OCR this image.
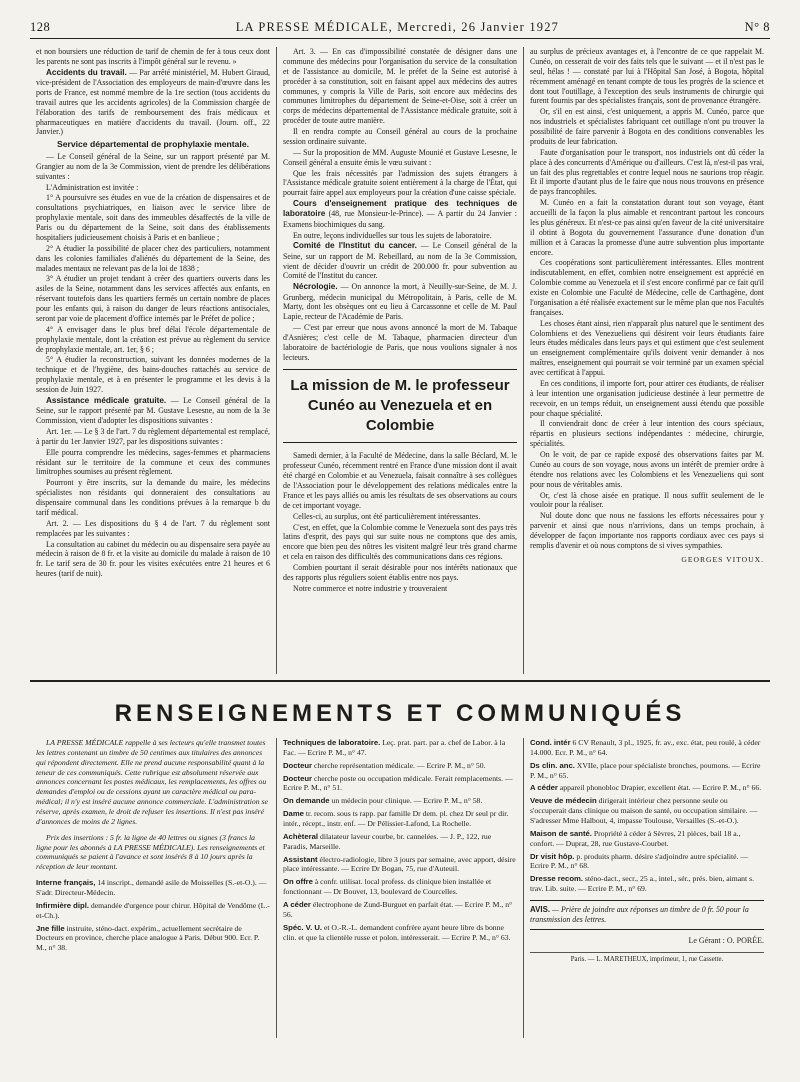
128	LA PRESSE MÉDICALE, Mercredi, 26 Janvier 1927	N° 8

et non boursiers une réduction de tarif de chemin de fer à tous ceux dont les parents ne sont pas inscrits à l'impôt général sur le revenu. »

Accidents du travail. — Par arrêté ministériel, M. Hubert Giraud, vice-président de l'Association des employeurs de main-d'œuvre dans les ports de France, est nommé membre de la 1re section (tous accidents du travail autres que les accidents agricoles) de la Commission chargée de l'élaboration des tarifs de remboursement des frais médicaux et pharmaceutiques en matière d'accidents du travail. (Journ. off., 22 Janvier.)

Service départemental de prophylaxie mentale.

— Le Conseil général de la Seine, sur un rapport présenté par M. Grangier au nom de la 3e Commission, vient de prendre les délibérations suivantes :

L'Administration est invitée :

1° A poursuivre ses études en vue de la création de dispensaires et de consultations psychiatriques, en liaison avec le service libre de prophylaxie mentale, soit dans des immeubles désaffectés de la ville de Paris ou du département de la Seine, soit dans des établissements hospitaliers judicieusement choisis à Paris et en banlieue ;

2° A étudier la possibilité de placer chez des particuliers, notamment dans les colonies familiales d'aliénés du département de la Seine, des malades mentaux ne relevant pas de la loi de 1838 ;

3° A étudier un projet tendant à créer des quartiers ouverts dans les asiles de la Seine, notamment dans les services affectés aux enfants, en réservant toutefois dans les quartiers fermés un certain nombre de places pour les enfants qui, à raison du danger de leurs réactions antisociales, seront par voie de placement d'office internés par le Préfet de police ;

4° A envisager dans le plus bref délai l'école départementale de prophylaxie mentale, dont la création est prévue au règlement du service de prophylaxie mentale, art. 1er, § 6 ;

5° A étudier la reconstruction, suivant les données modernes de la technique et de l'hygiène, des bains-douches rattachés au service de prophylaxie mentale, et à en présenter le programme et les devis à la session de Juin 1927.

Assistance médicale gratuite. — Le Conseil général de la Seine, sur le rapport présenté par M. Gustave Lesesne, au nom de la 3e Commission, vient d'adopter les dispositions suivantes :

Art. 1er. — Le § 3 de l'art. 7 du règlement départemental est remplacé, à partir du 1er Janvier 1927, par les dispositions suivantes :

Elle pourra comprendre les médecins, sages-femmes et pharmaciens résidant sur le territoire de la commune et ceux des communes limitrophes soumises au présent règlement.

Pourront y être inscrits, sur la demande du maire, les médecins spécialistes non résidants qui donneraient des consultations au dispensaire communal dans les conditions prévues à la remarque b du tarif médical.

Art. 2. — Les dispositions du § 4 de l'art. 7 du règlement sont remplacées par les suivantes :

La consultation au cabinet du médecin ou au dispensaire sera payée au médecin à raison de 8 fr. et la visite au domicile du malade à raison de 10 fr. Le tarif sera de 30 fr. pour les visites exécutées entre 21 heures et 6 heures (tarif de nuit).

Art. 3. — En cas d'impossibilité constatée de désigner dans une commune des médecins pour l'organisation du service de la consultation et de l'assistance au domicile, M. le préfet de la Seine est autorisé à procéder à sa constitution, soit en faisant appel aux médecins des autres communes, y compris la Ville de Paris, soit encore aux médecins des communes limitrophes du département de Seine-et-Oise, soit à créer un corps de médecins départemental de l'Assistance médicale gratuite, soit à procéder de toute autre manière.

Il en rendra compte au Conseil général au cours de la prochaine session ordinaire suivante.

— Sur la proposition de MM. Auguste Mounié et Gustave Lesesne, le Conseil général a ensuite émis le vœu suivant :

Que les frais nécessités par l'admission des sujets étrangers à l'Assistance médicale gratuite soient entièrement à la charge de l'État, qui pourrait faire appel aux employeurs pour la création d'une caisse spéciale.

Cours d'enseignement pratique des techniques de laboratoire (48, rue Monsieur-le-Prince). — A partir du 24 Janvier : Examens biochimiques du sang.

En outre, leçons individuelles sur tous les sujets de laboratoire.

Comité de l'Institut du cancer. — Le Conseil général de la Seine, sur un rapport de M. Rebeillard, au nom de la 3e Commission, vient de décider d'ouvrir un crédit de 200.000 fr. pour subvention au Comité de l'Institut du cancer.

Nécrologie. — On annonce la mort, à Neuilly-sur-Seine, de M. J. Grunberg, médecin municipal du Métropolitain, à Paris, celle de M. Marty, dont les obsèques ont eu lieu à Carcassonne et celle de M. Paul Lapie, recteur de l'Académie de Paris.

— C'est par erreur que nous avons annoncé la mort de M. Tabaque d'Asnières; c'est celle de M. Tabaque, pharmacien directeur d'un laboratoire de bactériologie de Paris, que nous voulions signaler à nos lecteurs.

La mission de M. le professeur Cunéo au Venezuela et en Colombie

Samedi dernier, à la Faculté de Médecine, dans la salle Béclard, M. le professeur Cunéo, récemment rentré en France d'une mission dont il avait été chargé en Colombie et au Venezuela, faisait connaître à ses collègues de l'Association pour le développement des relations médicales entre la France et les pays alliés ou amis les résultats de ses observations au cours de cet important voyage.

Celles-ci, au surplus, ont été particulièrement intéressantes.

C'est, en effet, que la Colombie comme le Venezuela sont des pays très latins d'esprit, des pays qui sur suite nous ne comptons que des amis, encore que bien peu des nôtres les visitent malgré leur très grand charme et cela en raison des difficultés des communications dans ces régions.

Combien pourtant il serait désirable pour nos intérêts nationaux que des rapports plus réguliers soient établis entre nos pays.

Notre commerce et notre industrie y trouveraient

au surplus de précieux avantages et, à l'encontre de ce que rappelait M. Cunéo, on cesserait de voir des faits tels que le suivant — et il n'est pas le seul, hélas ! — constaté par lui à l'Hôpital San José, à Bogota, hôpital récemment aménagé en tenant compte de tous les progrès de la science et dont tout l'outillage, à l'exception des seuls instruments de chirurgie qui furent fournis par des spécialistes français, sont de provenance étrangère.

Or, s'il en est ainsi, c'est uniquement, a appris M. Cunéo, parce que nos industriels et spécialistes fabriquant cet outillage n'ont pu trouver la possibilité de faire parvenir à Bogota en des conditions convenables les produits de leur fabrication.

Faute d'organisation pour le transport, nos industriels ont dû céder la place à des concurrents d'Amérique ou d'ailleurs. C'est là, n'est-il pas vrai, un fait des plus regrettables et contre lequel nous ne saurions trop réagir. Et il importe d'autant plus de le faire que nous nous trouvons en présence de pays francophiles.

M. Cunéo en a fait la constatation durant tout son voyage, étant accueilli de la façon la plus aimable et rencontrant partout les concours les plus généreux. Et n'est-ce pas ainsi qu'en faveur de la cité universitaire il obtint à Bogota du gouvernement l'assurance d'une donation d'un million et à Caracas la promesse d'une autre subvention plus importante encore.

Ces coopérations sont particulièrement intéressantes. Elles montrent indiscutablement, en effet, combien notre enseignement est apprécié en Colombie comme au Venezuela et il s'est encore confirmé par ce fait qu'il existe en Colombie une Faculté de Médecine, celle de Carthagène, dont l'organisation a été réalisée exactement sur le même plan que nos Facultés françaises.

Les choses étant ainsi, rien n'apparaît plus naturel que le sentiment des Colombiens et des Venezueliens qui désirent voir leurs étudiants faire leurs études médicales dans leurs pays et qui estiment que c'est seulement un enseignement complémentaire qu'ils doivent venir demander à nos maîtres, enseignement qui pourrait se voir terminé par un examen spécial avec certificat à l'appui.

En ces conditions, il importe fort, pour attirer ces étudiants, de réaliser à leur intention une organisation judicieuse destinée à leur permettre de recevoir, en un temps réduit, un enseignement aussi étendu que possible pour chaque spécialité.

Il conviendrait donc de créer à leur intention des cours spéciaux, répartis en plusieurs sections indépendantes : médecine, chirurgie, spécialités.

On le voit, de par ce rapide exposé des observations faites par M. Cunéo au cours de son voyage, nous avons un intérêt de premier ordre à étendre nos relations avec les Colombiens et les Venezueliens qui sont pour nous de véritables amis.

Or, c'est là chose aisée en pratique. Il nous suffit seulement de le vouloir pour la réaliser.

Nul doute donc que nous ne fassions les efforts nécessaires pour y parvenir et ainsi que nous n'arrivions, dans un temps prochain, à développer de façon importante nos rapports cordiaux avec ces pays si remplis d'avenir et où nous comptons de si vives sympathies.

GEORGES VITOUX.
RENSEIGNEMENTS ET COMMUNIQUÉS

LA PRESSE MÉDICALE rappelle à ses lecteurs qu'elle transmet toutes les lettres contenant un timbre de 50 centimes aux titulaires des annonces qui répondent directement. Elle ne prend aucune responsabilité quant à la teneur de ces communiqués. Cette rubrique est absolument réservée aux annonces concernant les postes médicaux, les remplacements, les offres ou demandes d'emploi ou de cessions ayant un caractère médical ou para-médical; il n'y est inséré aucune annonce commerciale. L'administration se réserve, après examen, le droit de refuser les insertions. Il n'est pas inséré d'annonces de moins de 2 lignes.

Prix des insertions : 5 fr. la ligne de 40 lettres ou signes (3 francs la ligne pour les abonnés à LA PRESSE MÉDICALE). Les renseignements et communiqués se paient à l'avance et sont insérés 8 à 10 jours après la réception de leur montant.

Interne français, 14 inscript., demandé asile de Moisselles (S.-et-O.). — S'adr. Directeur-Médecin.

Infirmière dipl. demandée d'urgence pour chirur. Hôpital de Vendôme (L.-et-Ch.).

Jne fille instruite, sténo-dact. expérim., actuellement secrétaire de Docteurs en province, cherche place analogue à Paris. Début 900. Ecr. P. M., n° 38.

Techniques de laboratoire. Leç. prat. part. par a. chef de Labor. à la Fac. — Ecrire P. M., n° 47.

Docteur cherche représentation médicale. — Ecrire P. M., n° 50.

Docteur cherche poste ou occupation médicale. Ferait remplacements. — Ecrire P. M., n° 51.

On demande un médecin pour clinique. — Ecrire P. M., n° 58.

Dame tr. recom. sous ts rapp. par famille Dr dem. pl. chez Dr seul pr dir. intér., récept., instr. enf. — Dr Pélissier-Lafond, La Rochelle.

Achèteral dilatateur laveur courbe, br. cannelées. — J. P., 122, rue Paradis, Marseille.

Assistant électro-radiologie, libre 3 jours par semaine, avec apport, désire place intéressante. — Ecrire Dr Bogan, 75, rue d'Auteuil.

On offre à confr. utilisat. local profess. ds clinique bien installée et fonctionnant — Dr Bouvet, 13, boulevard de Courcelles.

A céder électrophone de Zund-Burguet en parfait état. — Ecrire P. M., n° 56.

Spéc. V. U. et O.-R.-L. demandent confrère ayant heure libre ds bonne clin. et que la clientèle russe et polon. intéresserait. — Ecrire P. M., n° 63.

Cond. intér 6 CV Renault, 3 pl., 1925, fr. av., exc. état, peu roulé, à céder 14.000. Ecr. P. M., n° 64.

Ds clin. anc. XVIIe, place pour spécialiste bronches, poumons. — Ecrire P. M., n° 65.

A céder appareil phonobloc Drapier, excellent état. — Ecrire P. M., n° 66.

Veuve de médecin dirigerait intérieur chez personne seule ou s'occuperait dans clinique ou maison de santé, ou occupation similaire. — S'adresser Mme Halbout, 4, impasse Toulouse, Versailles (S.-et-O.).

Maison de santé. Propriété à céder à Sèvres, 21 pièces, bail 18 a., confort. — Duprat, 28, rue Gustave-Courbet.

Dr visit hôp. p. produits pharm. désire s'adjoindre autre spécialité. — Ecrire P. M., n° 68.

Dresse recom. sténo-dact., secr., 25 a., intel., sér., prés. bien, aimant s. trav. Lib. suite. — Ecrire P. M., n° 69.

AVIS. — Prière de joindre aux réponses un timbre de 0 fr. 50 pour la transmission des lettres.
Le Gérant : O. PORÉE.
Paris. — L. MARETHEUX, imprimeur, 1, rue Cassette.
